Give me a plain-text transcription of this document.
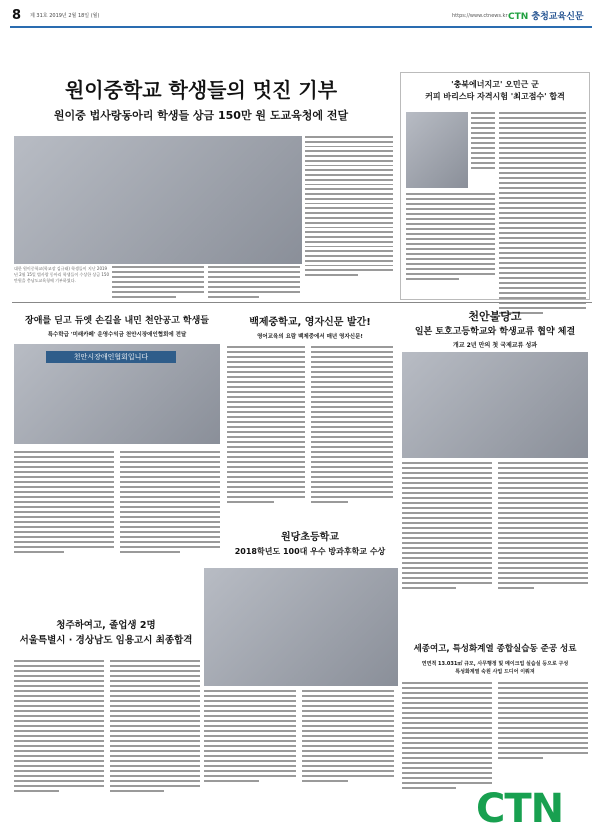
8 제 31호 2019년 2월 18일 (월)	https://www.ctnews.kr CTN 충청교육신문
원이중학교 학생들의 멋진 기부
원이중 법사랑동아리 학생들 상금 150만 원 도교육청에 전달
대한 원이중학교(학교장 김규태) 학생들이 지난 2019년 2월 15일 법사랑 동아리 학생들이 수상한 상금 150만원을 충남도교육청에 기부하였다.
'충북에너지고' 오민근 군
커피 바리스타 자격시험 '최고점수' 합격
장애를 딛고 듀엣 손길을 내민 천안공고 학생들
특수학급 '미래카페' 운영수익금 천안시장애인협회에 전달
천안시장애인협회입니다
백제중학교, 영자신문 발간!
영어교육의 요람 백제중에서 매년 영자신문!
천안불당고
일본 토호고등학교와 학생교류 협약 체결
개교 2년 만의 첫 국제교류 성과
원당초등학교
2018학년도 100대 우수 방과후학교 수상
청주하여고, 졸업생 2명
서울특별시 · 경상남도 임용고시 최종합격
세종여고, 특성화계열 종합실습동 준공 성료
연면적 13.031㎡ 규모, 사무행정 및 메이크업 실습실 등으로 구성
특성화계열 숙원 사업 드디어 이뤄져
CTN
